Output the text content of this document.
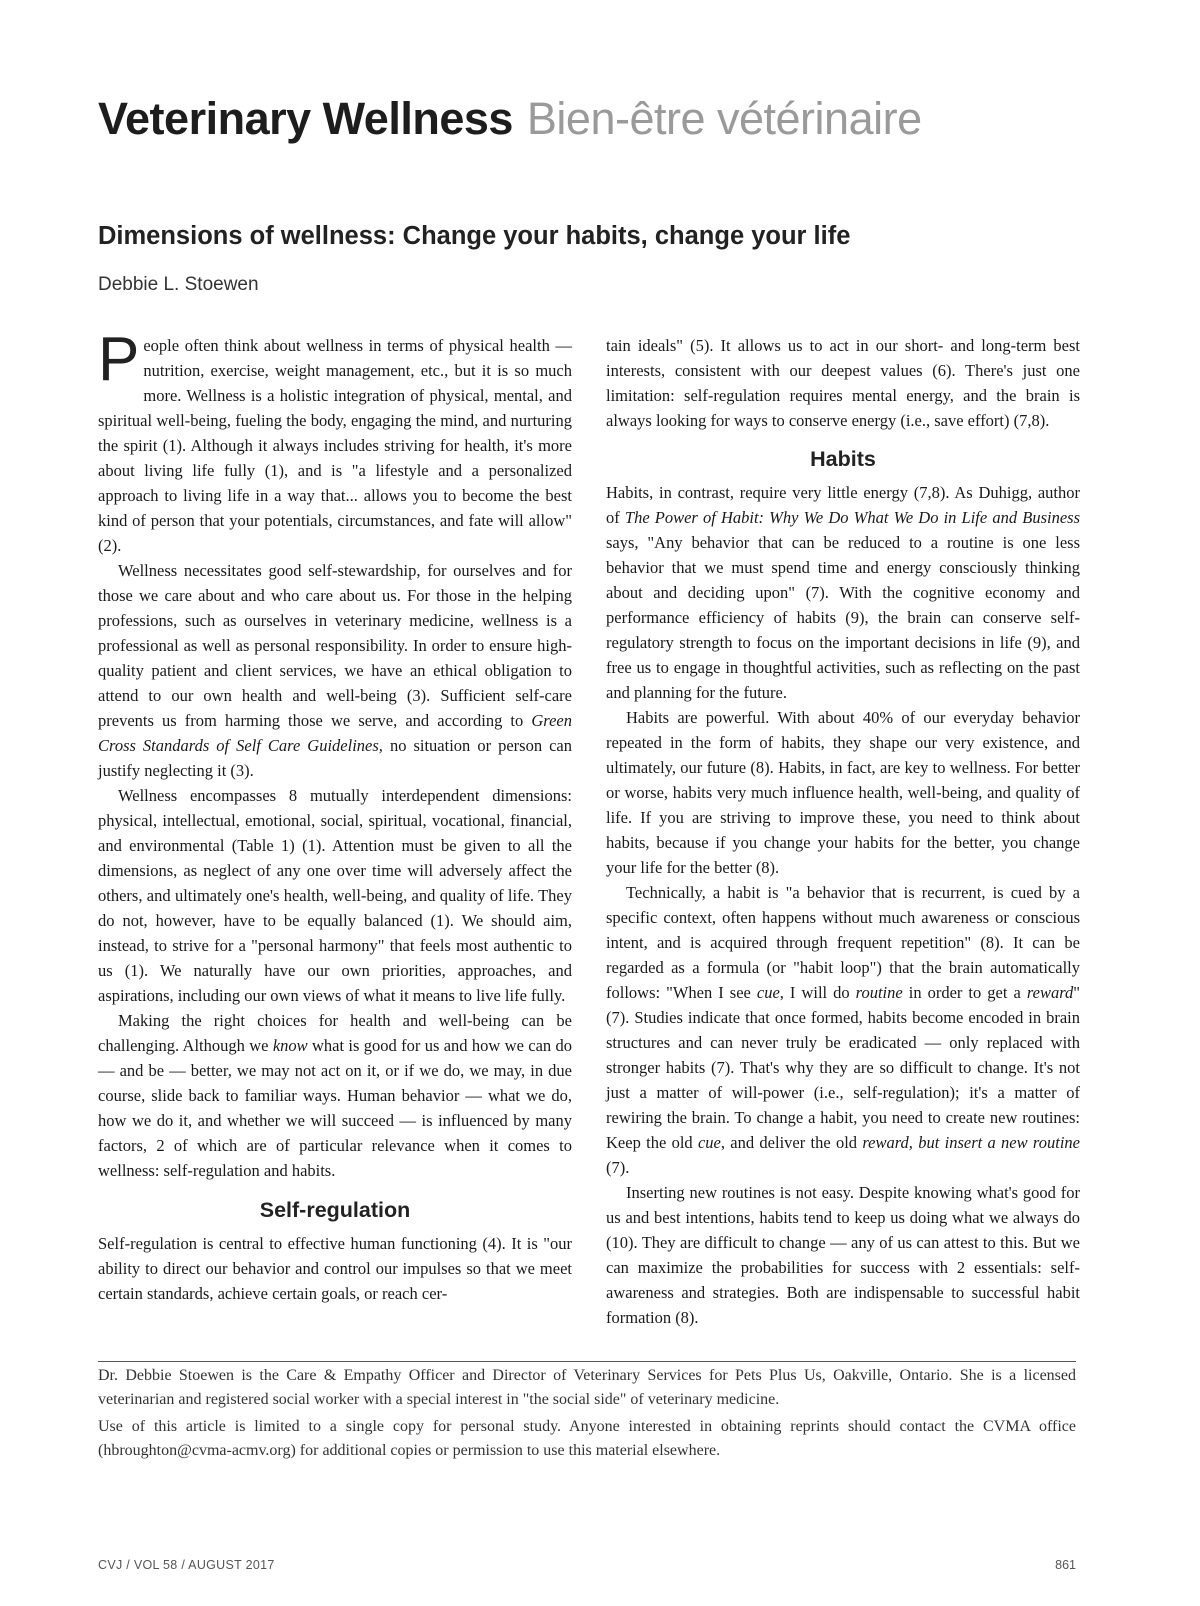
Veterinary Wellness Bien-être vétérinaire
Dimensions of wellness: Change your habits, change your life
Debbie L. Stoewen

People often think about wellness in terms of physical health — nutrition, exercise, weight management, etc., but it is so much more. Wellness is a holistic integration of physical, mental, and spiritual well-being, fueling the body, engaging the mind, and nurturing the spirit (1). Although it always includes striving for health, it's more about living life fully (1), and is "a lifestyle and a personalized approach to living life in a way that... allows you to become the best kind of person that your potentials, circumstances, and fate will allow" (2).

Wellness necessitates good self-stewardship, for ourselves and for those we care about and who care about us. For those in the helping professions, such as ourselves in veterinary medicine, wellness is a professional as well as personal responsibility. In order to ensure high-quality patient and client services, we have an ethical obligation to attend to our own health and well-being (3). Sufficient self-care prevents us from harming those we serve, and according to Green Cross Standards of Self Care Guidelines, no situation or person can justify neglecting it (3).

Wellness encompasses 8 mutually interdependent dimensions: physical, intellectual, emotional, social, spiritual, vocational, financial, and environmental (Table 1) (1). Attention must be given to all the dimensions, as neglect of any one over time will adversely affect the others, and ultimately one's health, well-being, and quality of life. They do not, however, have to be equally balanced (1). We should aim, instead, to strive for a "personal harmony" that feels most authentic to us (1). We naturally have our own priorities, approaches, and aspirations, including our own views of what it means to live life fully.

Making the right choices for health and well-being can be challenging. Although we know what is good for us and how we can do — and be — better, we may not act on it, or if we do, we may, in due course, slide back to familiar ways. Human behavior — what we do, how we do it, and whether we will succeed — is influenced by many factors, 2 of which are of particular relevance when it comes to wellness: self-regulation and habits.

Self-regulation

Self-regulation is central to effective human functioning (4). It is "our ability to direct our behavior and control our impulses so that we meet certain standards, achieve certain goals, or reach cer-

tain ideals" (5). It allows us to act in our short- and long-term best interests, consistent with our deepest values (6). There's just one limitation: self-regulation requires mental energy, and the brain is always looking for ways to conserve energy (i.e., save effort) (7,8).

Habits

Habits, in contrast, require very little energy (7,8). As Duhigg, author of The Power of Habit: Why We Do What We Do in Life and Business says, "Any behavior that can be reduced to a routine is one less behavior that we must spend time and energy consciously thinking about and deciding upon" (7). With the cognitive economy and performance efficiency of habits (9), the brain can conserve self-regulatory strength to focus on the important decisions in life (9), and free us to engage in thoughtful activities, such as reflecting on the past and planning for the future.

Habits are powerful. With about 40% of our everyday behavior repeated in the form of habits, they shape our very existence, and ultimately, our future (8). Habits, in fact, are key to wellness. For better or worse, habits very much influence health, well-being, and quality of life. If you are striving to improve these, you need to think about habits, because if you change your habits for the better, you change your life for the better (8).

Technically, a habit is "a behavior that is recurrent, is cued by a specific context, often happens without much awareness or conscious intent, and is acquired through frequent repetition" (8). It can be regarded as a formula (or "habit loop") that the brain automatically follows: "When I see cue, I will do routine in order to get a reward" (7). Studies indicate that once formed, habits become encoded in brain structures and can never truly be eradicated — only replaced with stronger habits (7). That's why they are so difficult to change. It's not just a matter of will-power (i.e., self-regulation); it's a matter of rewiring the brain. To change a habit, you need to create new routines: Keep the old cue, and deliver the old reward, but insert a new routine (7).

Inserting new routines is not easy. Despite knowing what's good for us and best intentions, habits tend to keep us doing what we always do (10). They are difficult to change — any of us can attest to this. But we can maximize the probabilities for success with 2 essentials: self-awareness and strategies. Both are indispensable to successful habit formation (8).

Dr. Debbie Stoewen is the Care & Empathy Officer and Director of Veterinary Services for Pets Plus Us, Oakville, Ontario. She is a licensed veterinarian and registered social worker with a special interest in "the social side" of veterinary medicine.
Use of this article is limited to a single copy for personal study. Anyone interested in obtaining reprints should contact the CVMA office (hbroughton@cvma-acmv.org) for additional copies or permission to use this material elsewhere.
CVJ / VOL 58 / AUGUST 2017	861
